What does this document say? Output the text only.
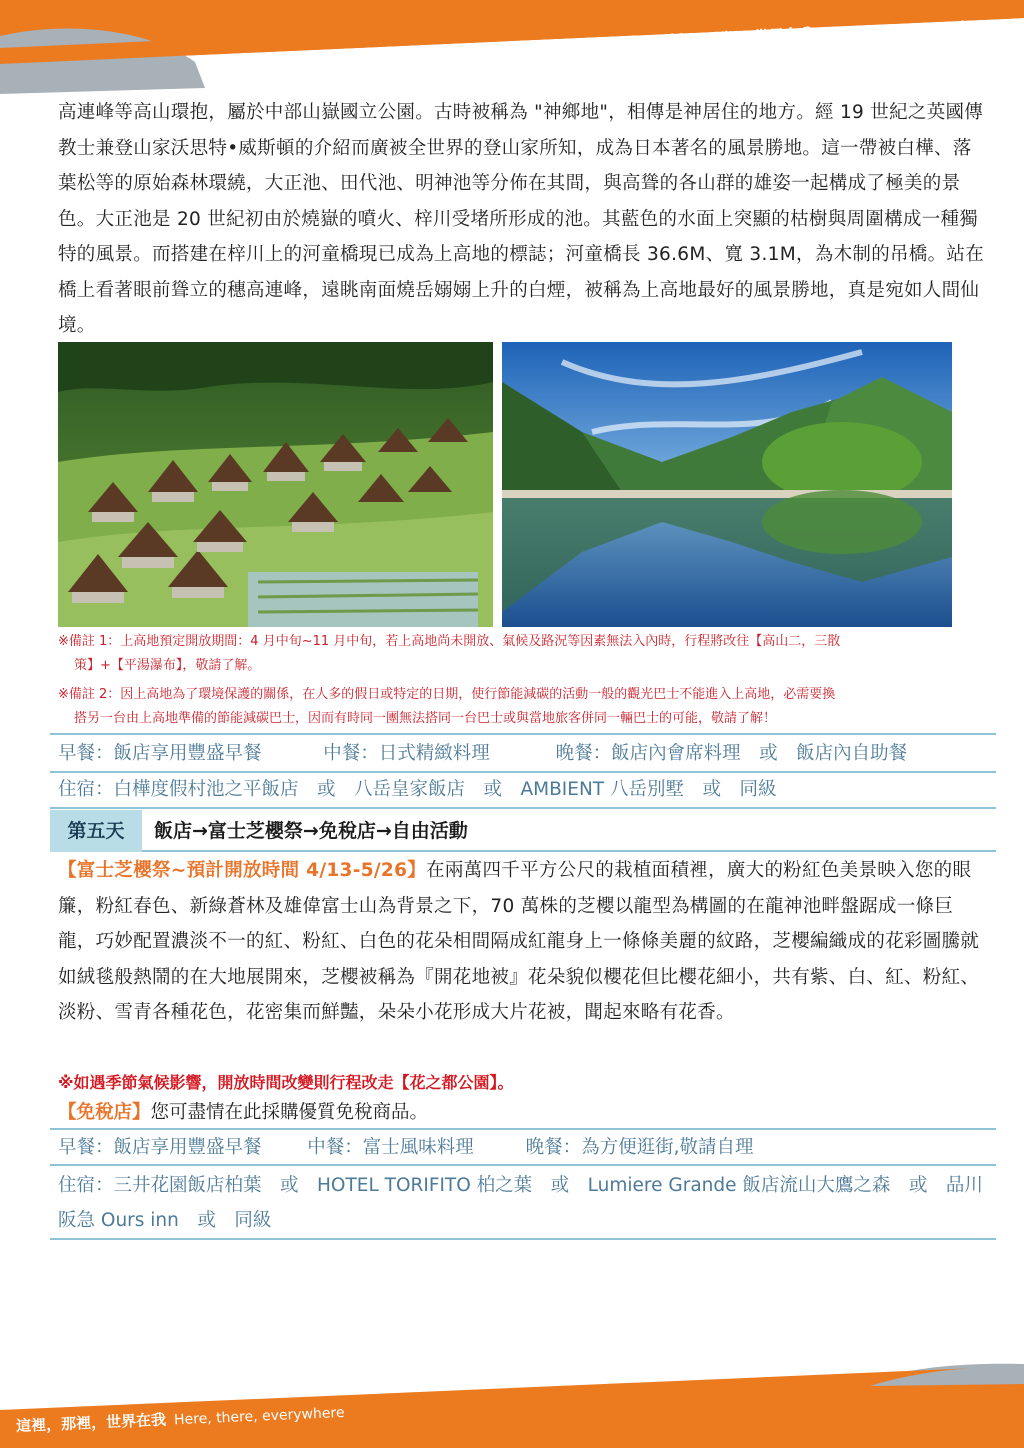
這裡，那裡，世界在我 Here, there, everywhere
高連峰等高山環抱，屬於中部山嶽國立公園。古時被稱為 "神鄉地"，相傳是神居住的地方。經 19 世紀之英國傳教士兼登山家沃思特•威斯頓的介紹而廣被全世界的登山家所知，成為日本著名的風景勝地。這一帶被白樺、落葉松等的原始森林環繞，大正池、田代池、明神池等分佈在其間，與高聳的各山群的雄姿一起構成了極美的景色。大正池是 20 世紀初由於燒嶽的噴火、梓川受堵所形成的池。其藍色的水面上突顯的枯樹與周圍構成一種獨特的風景。而搭建在梓川上的河童橋現已成為上高地的標誌；河童橋長 36.6M、寬 3.1M，為木制的吊橋。站在橋上看著眼前聳立的穗高連峰，遠眺南面燒岳嫋嫋上升的白煙，被稱為上高地最好的風景勝地，真是宛如人間仙境。
※備註 1：上高地預定開放期間：4 月中旬~11 月中旬，若上高地尚未開放、氣候及路況等因素無法入內時，行程將改往【高山二，三散
策】+【平湯瀑布】，敬請了解。
※備註 2：因上高地為了環境保護的關係，在人多的假日或特定的日期，使行節能減碳的活動一般的觀光巴士不能進入上高地，必需要換
搭另一台由上高地準備的節能減碳巴士，因而有時同一團無法搭同一台巴士或與當地旅客併同一輛巴士的可能，敬請了解！
早餐：飯店享用豐盛早餐	中餐：日式精緻料理	晚餐：飯店內會席料理　或　飯店內自助餐
住宿：白樺度假村池之平飯店　或　八岳皇家飯店　或　AMBIENT 八岳別墅　或　同級
第五天	飯店→富士芝櫻祭→免稅店→自由活動
【富士芝櫻祭~預計開放時間 4/13-5/26】在兩萬四千平方公尺的栽植面積裡，廣大的粉紅色美景映入您的眼簾，粉紅春色、新綠蒼林及雄偉富士山為背景之下，70 萬株的芝櫻以龍型為構圖的在龍神池畔盤踞成一條巨龍，巧妙配置濃淡不一的紅、粉紅、白色的花朵相間隔成紅龍身上一條條美麗的紋路，芝櫻編織成的花彩圖騰就如絨毯般熱鬧的在大地展開來，芝櫻被稱為『開花地被』花朵貌似櫻花但比櫻花細小，共有紫、白、紅、粉紅、淡粉、雪青各種花色，花密集而鮮豔，朵朵小花形成大片花被，聞起來略有花香。
※如遇季節氣候影響，開放時間改變則行程改走【花之都公園】。
【免稅店】您可盡情在此採購優質免稅商品。
早餐：飯店享用豐盛早餐 中餐：富士風味料理	晚餐：為方便逛街,敬請自理
住宿：三井花園飯店柏葉　或　HOTEL TORIFITO 柏之葉　或　Lumiere Grande 飯店流山大鷹之森　或　品川阪急 Ours inn　或　同級
這裡，那裡，世界在我 Here, there, everywhere
